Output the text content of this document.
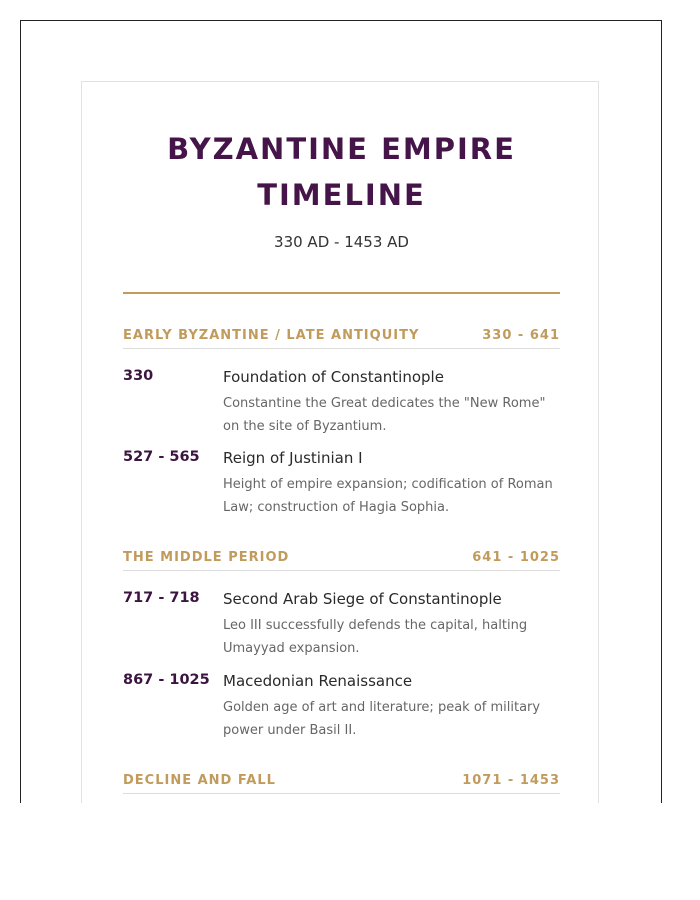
BYZANTINE EMPIRE
TIMELINE
330 AD - 1453 AD
EARLY BYZANTINE / LATE ANTIQUITY	330 - 641
330	Foundation of Constantinople
Constantine the Great dedicates the "New Rome" on the site of Byzantium.
527 - 565 Reign of Justinian I
Height of empire expansion; codification of Roman Law; construction of Hagia Sophia.
THE MIDDLE PERIOD	641 - 1025
717 - 718 Second Arab Siege of Constantinople
Leo III successfully defends the capital, halting Umayyad expansion.
867 - 1025 Macedonian Renaissance
Golden age of art and literature; peak of military power under Basil II.
DECLINE AND FALL	1071 - 1453
